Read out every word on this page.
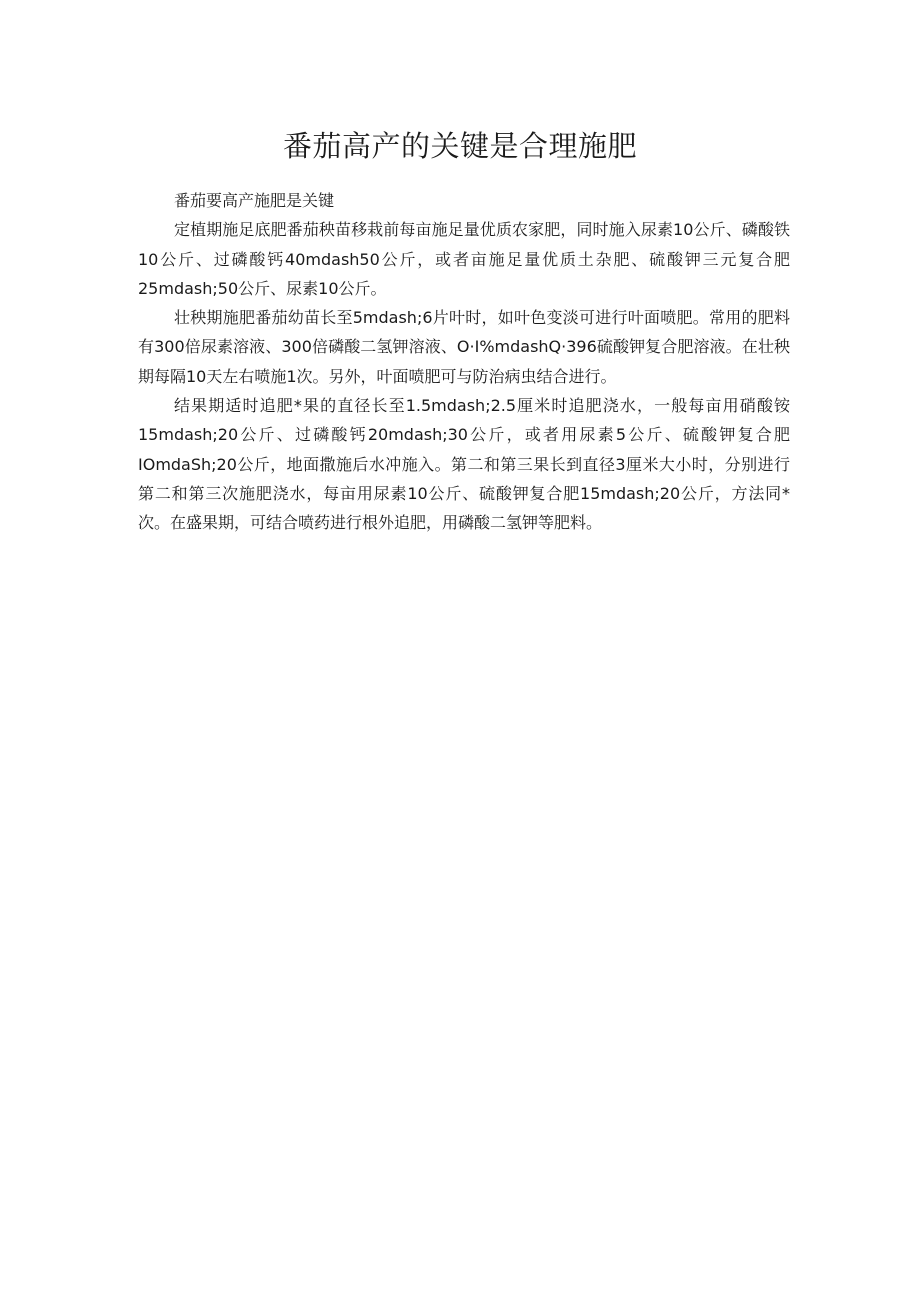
番茄高产的关键是合理施肥

番茄要高产施肥是关键

定植期施足底肥番茄秧苗移栽前每亩施足量优质农家肥，同时施入尿素10公斤、磷酸铁10公斤、过磷酸钙40mdash50公斤，或者亩施足量优质土杂肥、硫酸钾三元复合肥25mdash;50公斤、尿素10公斤。

壮秧期施肥番茄幼苗长至5mdash;6片叶时，如叶色变淡可进行叶面喷肥。常用的肥料有300倍尿素溶液、300倍磷酸二氢钾溶液、O·I%mdashQ·396硫酸钾复合肥溶液。在壮秧期每隔10天左右喷施1次。另外，叶面喷肥可与防治病虫结合进行。

结果期适时追肥*果的直径长至1.5mdash;2.5厘米时追肥浇水，一般每亩用硝酸铵15mdash;20公斤、过磷酸钙20mdash;30公斤，或者用尿素5公斤、硫酸钾复合肥IOmdaSh;20公斤，地面撒施后水冲施入。第二和第三果长到直径3厘米大小时，分别进行第二和第三次施肥浇水，每亩用尿素10公斤、硫酸钾复合肥15mdash;20公斤，方法同*次。在盛果期，可结合喷药进行根外追肥，用磷酸二氢钾等肥料。
